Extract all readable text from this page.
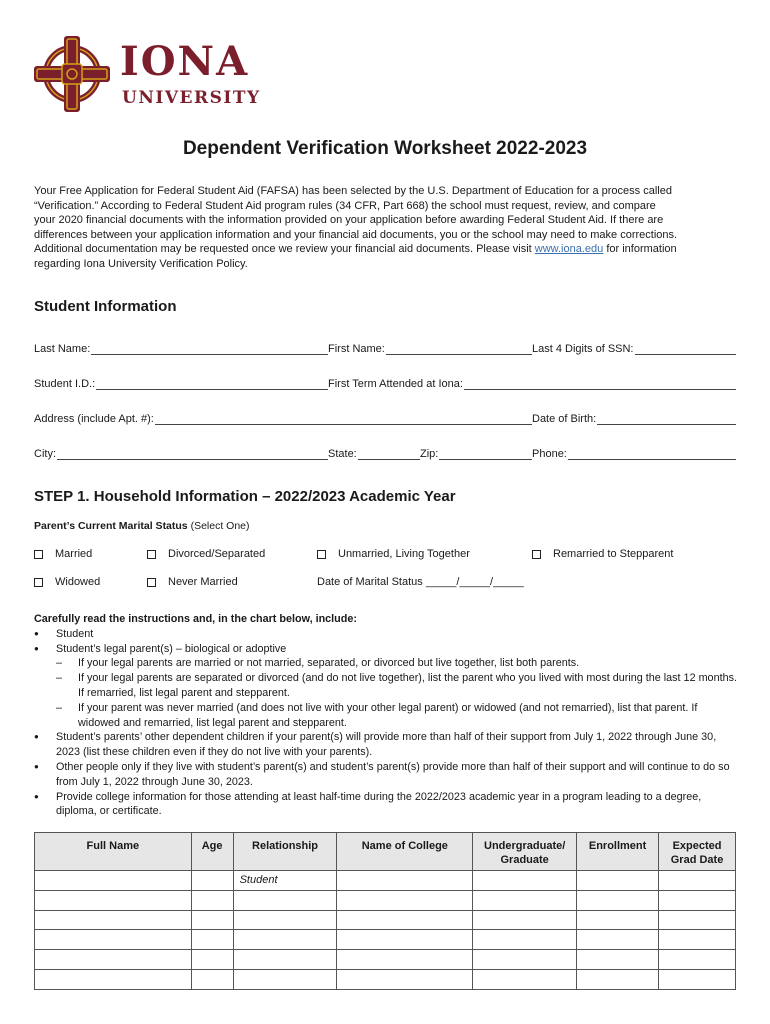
IONA
UNIVERSITY
Dependent Verification Worksheet 2022-2023
Your Free Application for Federal Student Aid (FAFSA) has been selected by the U.S. Department of Education for a process called
“Verification.” According to Federal Student Aid program rules (34 CFR, Part 668) the school must request, review, and compare
your 2020 financial documents with the information provided on your application before awarding Federal Student Aid. If there are
differences between your application information and your financial aid documents, you or the school may need to make corrections.
Additional documentation may be requested once we review your financial aid documents. Please visit www.iona.edu for information
regarding Iona University Verification Policy.
Student Information
Last Name:	First Name:	Last 4 Digits of SSN:
Student I.D.:	First Term Attended at Iona:
Address (include Apt. #):	Date of Birth:
City:	State:	Zip:	Phone:
STEP 1. Household Information – 2022/2023 Academic Year
Parent’s Current Marital Status (Select One)
Married	Divorced/Separated	Unmarried, Living Together	Remarried to Stepparent
Widowed	Never Married	Date of Marital Status _____/_____/_____
Carefully read the instructions and, in the chart below, include:
● Student
● Student’s legal parent(s) – biological or adoptive
– If your legal parents are married or not married, separated, or divorced but live together, list both parents.
– If your legal parents are separated or divorced (and do not live together), list the parent who you lived with most during the last 12 months. If remarried, list legal parent and stepparent.
– If your parent was never married (and does not live with your other legal parent) or widowed (and not remarried), list that parent. If widowed and remarried, list legal parent and stepparent.
● Student’s parents’ other dependent children if your parent(s) will provide more than half of their support from July 1, 2022 through June 30, 2023 (list these children even if they do not live with your parents).
● Other people only if they live with student’s parent(s) and student’s parent(s) provide more than half of their support and will continue to do so from July 1, 2022 through June 30, 2023.
● Provide college information for those attending at least half-time during the 2022/2023 academic year in a program leading to a degree, diploma, or certificate.
Full Name	Age	Relationship	Name of College	Undergraduate/ Graduate	Enrollment	Expected Grad Date
		Student				
